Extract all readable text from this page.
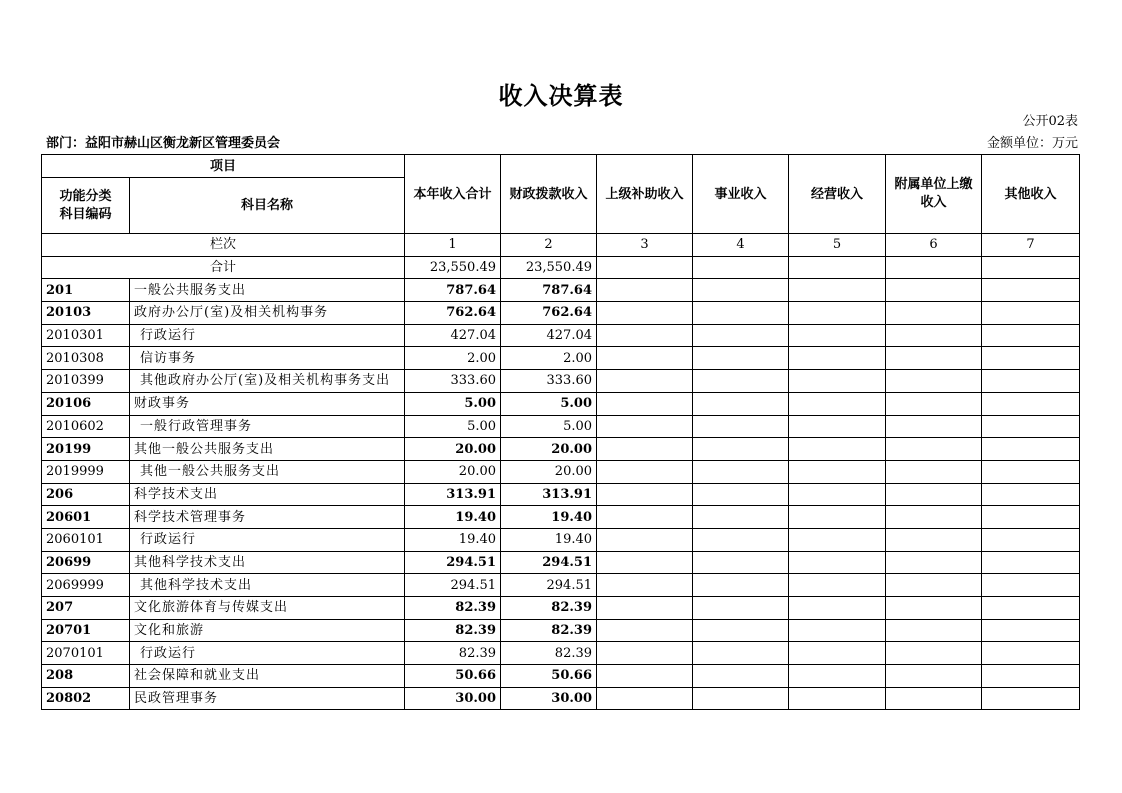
收入决算表
公开02表
部门：益阳市赫山区衡龙新区管理委员会	金额单位：万元
项目		本年收入合计	财政拨款收入	上级补助收入	事业收入	经营收入	附属单位上缴收入	其他收入
功能分类
科目编码	科目名称							
栏次		1	2	3	4	5	6	7
合计		23,550.49	23,550.49					
201	一般公共服务支出	787.64	787.64					
20103	政府办公厅(室)及相关机构事务	762.64	762.64					
2010301	行政运行	427.04	427.04					
2010308	信访事务	2.00	2.00					
2010399	其他政府办公厅(室)及相关机构事务支出	333.60	333.60					
20106	财政事务	5.00	5.00					
2010602	一般行政管理事务	5.00	5.00					
20199	其他一般公共服务支出	20.00	20.00					
2019999	其他一般公共服务支出	20.00	20.00					
206	科学技术支出	313.91	313.91					
20601	科学技术管理事务	19.40	19.40					
2060101	行政运行	19.40	19.40					
20699	其他科学技术支出	294.51	294.51					
2069999	其他科学技术支出	294.51	294.51					
207	文化旅游体育与传媒支出	82.39	82.39					
20701	文化和旅游	82.39	82.39					
2070101	行政运行	82.39	82.39					
208	社会保障和就业支出	50.66	50.66					
20802	民政管理事务	30.00	30.00					
